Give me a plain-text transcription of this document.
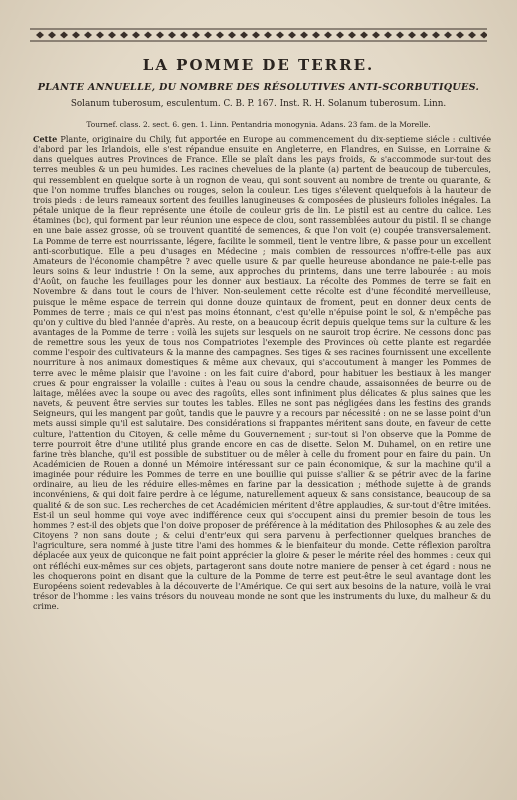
LA POMME DE TERRE.
PLANTE ANNUELLE, DU NOMBRE DES RÉSOLUTIVES ANTI-SCORBUTIQUES.
Solanum tuberosum, esculentum. C. B. P. 167. Inst. R. H. Solanum tuberosum. Linn.
Tournef. class. 2. sect. 6. gen. 1. Linn. Pentandria monogynia. Adans. 23 fam. de la Morelle.
Cette Plante, originaire du Chily, fut apportée en Europe au commencement du dix-septieme siécle : cultivée d'abord par les Irlandois, elle s'est répandue ensuite en Angleterre, en Flandres, en Suisse, en Lorraine & dans quelques autres Provinces de France. Elle se plaît dans les pays froids, & s'accommode sur-tout des terres meubles & un peu humides. Les racines chevelues de la plante (a) partent de beaucoup de tubercules, qui ressemblent en quelque sorte à un rognon de veau, qui sont souvent au nombre de trente ou quarante, & que l'on nomme truffes blanches ou rouges, selon la couleur. Les tiges s'élevent quelquefois à la hauteur de trois pieds : de leurs rameaux sortent des feuilles lanugineuses & composées de plusieurs folioles inégales. La pétale unique de la fleur représente une étoile de couleur gris de lin. Le pistil est au centre du calice. Les étamines (bc), qui forment par leur réunion une espece de clou, sont rassemblées autour du pistil. Il se change en une baie assez grosse, où se trouvent quantité de semences, & que l'on voit (e) coupée transversalement. La Pomme de terre est nourrissante, légere, facilite le sommeil, tient le ventre libre, & passe pour un excellent anti-scorbutique. Elle a peu d'usages en Médecine ; mais combien de ressources n'offre-t-elle pas aux Amateurs de l'économie champêtre ? avec quelle usure & par quelle heureuse abondance ne paie-t-elle pas leurs soins & leur industrie ! On la seme, aux approches du printems, dans une terre labourée : au mois d'Août, on fauche les feuillages pour les donner aux bestiaux. La récolte des Pommes de terre se fait en Novembre & dans tout le cours de l'hiver. Non-seulement cette récolte est d'une fécondité merveilleuse, puisque le même espace de terrein qui donne douze quintaux de froment, peut en donner deux cents de Pommes de terre ; mais ce qui n'est pas moins étonnant, c'est qu'elle n'épuise point le sol, & n'empêche pas qu'on y cultive du bled l'année d'après. Au reste, on a beaucoup écrit depuis quelque tems sur la culture & les avantages de la Pomme de terre : voilà les sujets sur lesquels on ne sauroit trop écrire. Ne cessons donc pas de remettre sous les yeux de tous nos Compatriotes l'exemple des Provinces où cette plante est regardée comme l'espoir des cultivateurs & la manne des campagnes. Ses tiges & ses racines fournissent une excellente nourriture à nos animaux domestiques & même aux chevaux, qui s'accoutument à manger les Pommes de terre avec le même plaisir que l'avoine : on les fait cuire d'abord, pour habituer les bestiaux à les manger crues & pour engraisser la volaille : cuites à l'eau ou sous la cendre chaude, assaisonnées de beurre ou de laitage, mêlées avec la soupe ou avec des ragoûts, elles sont infiniment plus délicates & plus saines que les navets, & peuvent être servies sur toutes les tables. Elles ne sont pas négligées dans les festins des grands Seigneurs, qui les mangent par goût, tandis que le pauvre y a recours par nécessité : on ne se lasse point d'un mets aussi simple qu'il est salutaire. Des considérations si frappantes méritent sans doute, en faveur de cette culture, l'attention du Citoyen, & celle même du Gouvernement ; sur-tout si l'on observe que la Pomme de terre pourroit être d'une utilité plus grande encore en cas de disette. Selon M. Duhamel, on en retire une farine très blanche, qu'il est possible de substituer ou de mêler à celle du froment pour en faire du pain. Un Académicien de Rouen a donné un Mémoire intéressant sur ce pain économique, & sur la machine qu'il a imaginée pour réduire les Pommes de terre en une bouillie qui puisse s'allier & se pétrir avec de la farine ordinaire, au lieu de les réduire elles-mêmes en farine par la dessication ; méthode sujette à de grands inconvéniens, & qui doit faire perdre à ce légume, naturellement aqueux & sans consistance, beaucoup de sa qualité & de son suc. Les recherches de cet Académicien méritent d'être applaudies, & sur-tout d'être imitées. Est-il un seul homme qui voye avec indifférence ceux qui s'occupent ainsi du premier besoin de tous les hommes ? est-il des objets que l'on doive proposer de préférence à la méditation des Philosophes & au zele des Citoyens ? non sans doute ; & celui d'entr'eux qui sera parvenu à perfectionner quelques branches de l'agriculture, sera nommé à juste titre l'ami des hommes & le bienfaiteur du monde. Cette réflexion paroîtra déplacée aux yeux de quiconque ne fait point apprécier la gloire & peser le mérite réel des hommes : ceux qui ont réfléchi eux-mêmes sur ces objets, partageront sans doute notre maniere de penser à cet égard : nous ne les choquerons point en disant que la culture de la Pomme de terre est peut-être le seul avantage dont les Européens soient redevables à la découverte de l'Amérique. Ce qui sert aux besoins de la nature, voilà le vrai trésor de l'homme : les vains trésors du nouveau monde ne sont que les instruments du luxe, du malheur & du crime.
